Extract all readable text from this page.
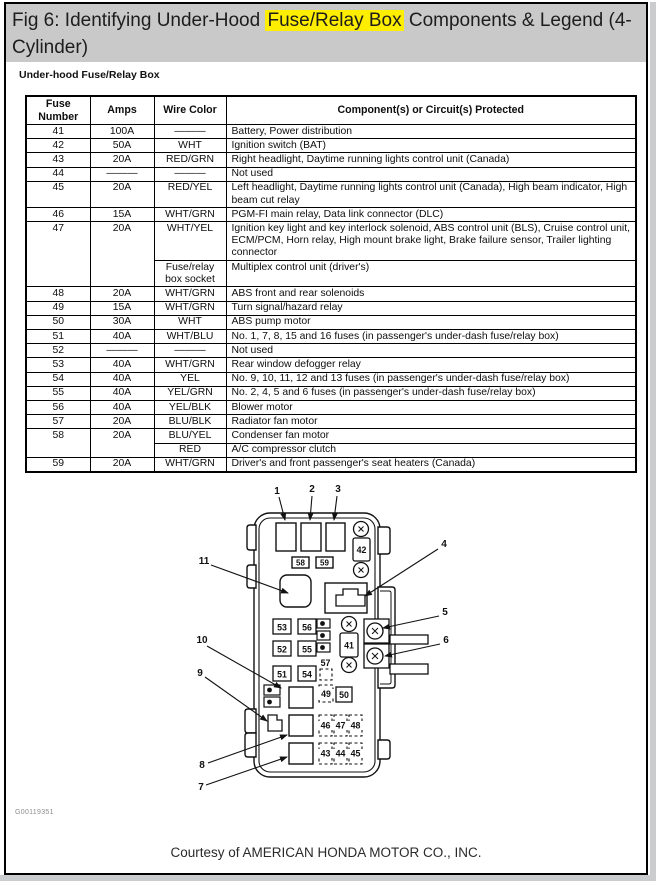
Fig 6: Identifying Under-Hood Fuse/Relay Box Components & Legend (4-Cylinder)
Under-hood Fuse/Relay Box
Fuse Number	Amps	Wire Color	Component(s) or Circuit(s) Protected
41	100A	———	Battery, Power distribution
42	50A	WHT	Ignition switch (BAT)
43	20A	RED/GRN	Right headlight, Daytime running lights control unit (Canada)
44	———	———	Not used
45	20A	RED/YEL	Left headlight, Daytime running lights control unit (Canada), High beam indicator, High beam cut relay
46	15A	WHT/GRN	PGM-FI main relay, Data link connector (DLC)
47	20A	WHT/YEL	Ignition key light and key interlock solenoid, ABS control unit (BLS), Cruise control unit, ECM/PCM, Horn relay, High mount brake light, Brake failure sensor, Trailer lighting connector
		Fuse/relay box socket	Multiplex control unit (driver's)
48	20A	WHT/GRN	ABS front and rear solenoids
49	15A	WHT/GRN	Turn signal/hazard relay
50	30A	WHT	ABS pump motor
51	40A	WHT/BLU	No. 1, 7, 8, 15 and 16 fuses (in passenger's under-dash fuse/relay box)
52	———	———	Not used
53	40A	WHT/GRN	Rear window defogger relay
54	40A	YEL	No. 9, 10, 11, 12 and 13 fuses (in passenger's under-dash fuse/relay box)
55	40A	YEL/GRN	No. 2, 4, 5 and 6 fuses (in passenger's under-dash fuse/relay box)
56	40A	YEL/BLK	Blower motor
57	20A	BLU/BLK	Radiator fan motor
58	20A	BLU/YEL	Condenser fan motor
		RED	A/C compressor clutch
59	20A	WHT/GRN	Driver's and front passenger's seat heaters (Canada)
58 59
42
53 56
52 55
51 54
57
41
49 50
46 47 48
43 44 45
1	2 3
4
5
6
7
8
9
10
11
G00119351
Courtesy of AMERICAN HONDA MOTOR CO., INC.
